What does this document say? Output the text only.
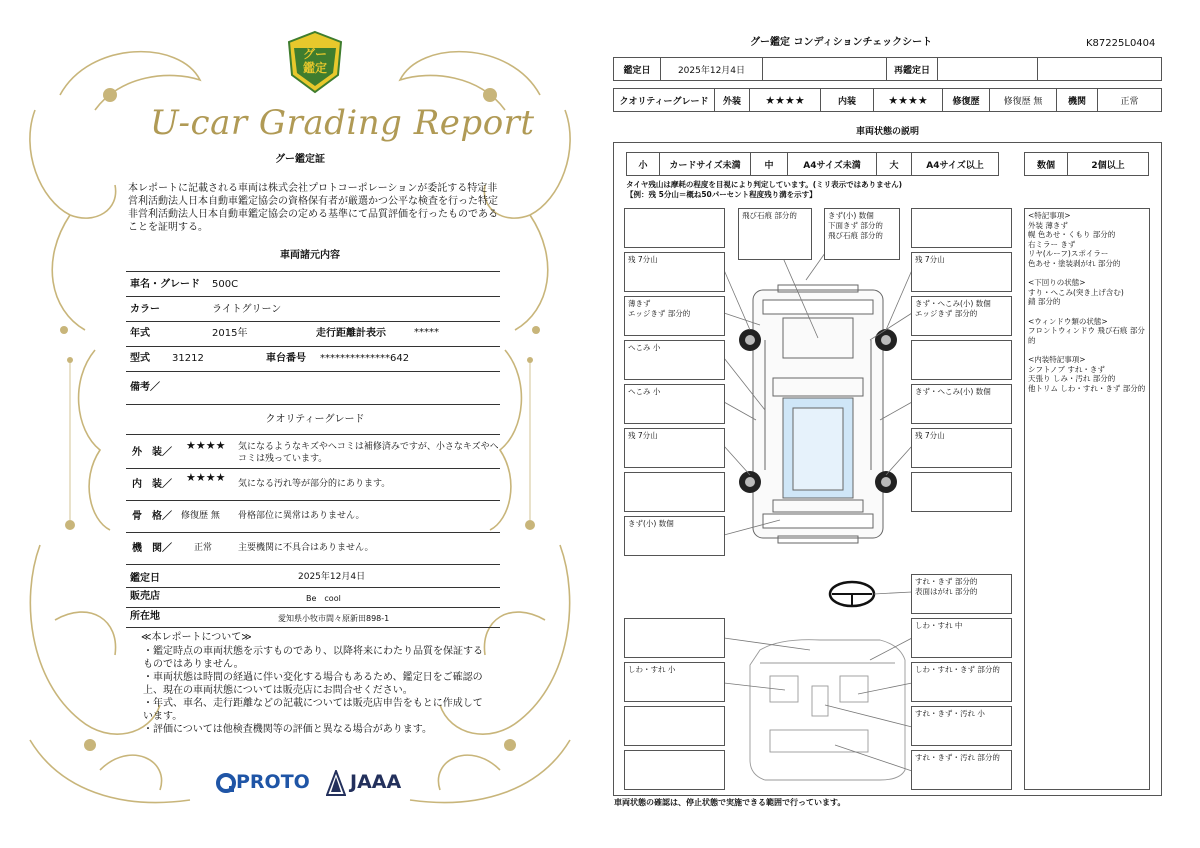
グー
鑑定
U-car Grading Report
グー鑑定証
本レポートに記載される車両は株式会社プロトコーポレーションが委託する特定非営利活動法人日本自動車鑑定協会の資格保有者が厳選かつ公平な検査を行った特定非営利活動法人日本自動車鑑定協会の定める基準にて品質評価を行ったものであることを証明する。
車両諸元内容
車名・グレード 500C
カラー	ライトグリーン
年式	2015年	走行距離計表示	*****
型式 31212	車台番号 **************642
備考／
クオリティーグレード
外　装／
★★★★ 気になるようなキズやヘコミは補修済みですが、小さなキズやヘコミは残っています。
内　装／
★★★★ 気になる汚れ等が部分的にあります。
骨　格／ 修復歴 無 骨格部位に異常はありません。
機　関／ 正常	主要機関に不具合はありません。
鑑定日	2025年12月4日
販売店	Be　cool
所在地	愛知県小牧市間々原新田898-1
≪本レポートについて≫
・鑑定時点の車両状態を示すものであり、以降将来にわたり品質を保証するものではありません。
・車両状態は時間の経過に伴い変化する場合もあるため、鑑定日をご確認の上、現在の車両状態については販売店にお問合せください。
・年式、車名、走行距離などの記載については販売店申告をもとに作成しています。
・評価については他検査機関等の評価と異なる場合があります。
PROTO JAAA
グー鑑定 コンディションチェックシート	K87225L0404
鑑定日	2025年12月4日	再鑑定日
クオリティーグレード	外装	★★★★	内装	★★★★	修復歴	修復歴 無	機関	正常
車両状態の説明
小	カードサイズ未満	中	A4サイズ未満	大	A4サイズ以上	数個	2個以上
タイヤ残山は摩耗の程度を目視により判定しています。(ミリ表示ではありません)
【例：残 5分山＝概ね50パーセント程度残り溝を示す】
飛び石痕 部分的	きず(小) 数個
下面きず 部分的
飛び石痕 部分的
残 7分山
薄きず
エッジきず 部分的
へこみ 小
へこみ 小
残 7分山
きず(小) 数個
残 7分山
きず・へこみ(小) 数個
エッジきず 部分的
きず・へこみ(小) 数個
残 7分山
すれ・きず 部分的
表面はがれ 部分的
しわ・すれ 中
しわ・すれ 小	しわ・すれ・きず 部分的
すれ・きず・汚れ 小
すれ・きず・汚れ 部分的
<特記事項>
外装 薄きず
幌 色あせ・くもり 部分的
右ミラー きず
リヤ(ルーフ)スポイラー
色あせ・塗装剥がれ 部分的

<下回りの状態>
すり・へこみ(突き上げ含む)
錆 部分的

<ウィンドウ類の状態>
フロントウィンドウ 飛び石痕 部分的

<内装特記事項>
シフトノブ すれ・きず
天張り しみ・汚れ 部分的
他トリム しわ・すれ・きず 部分的
車両状態の確認は、停止状態で実施できる範囲で行っています。
